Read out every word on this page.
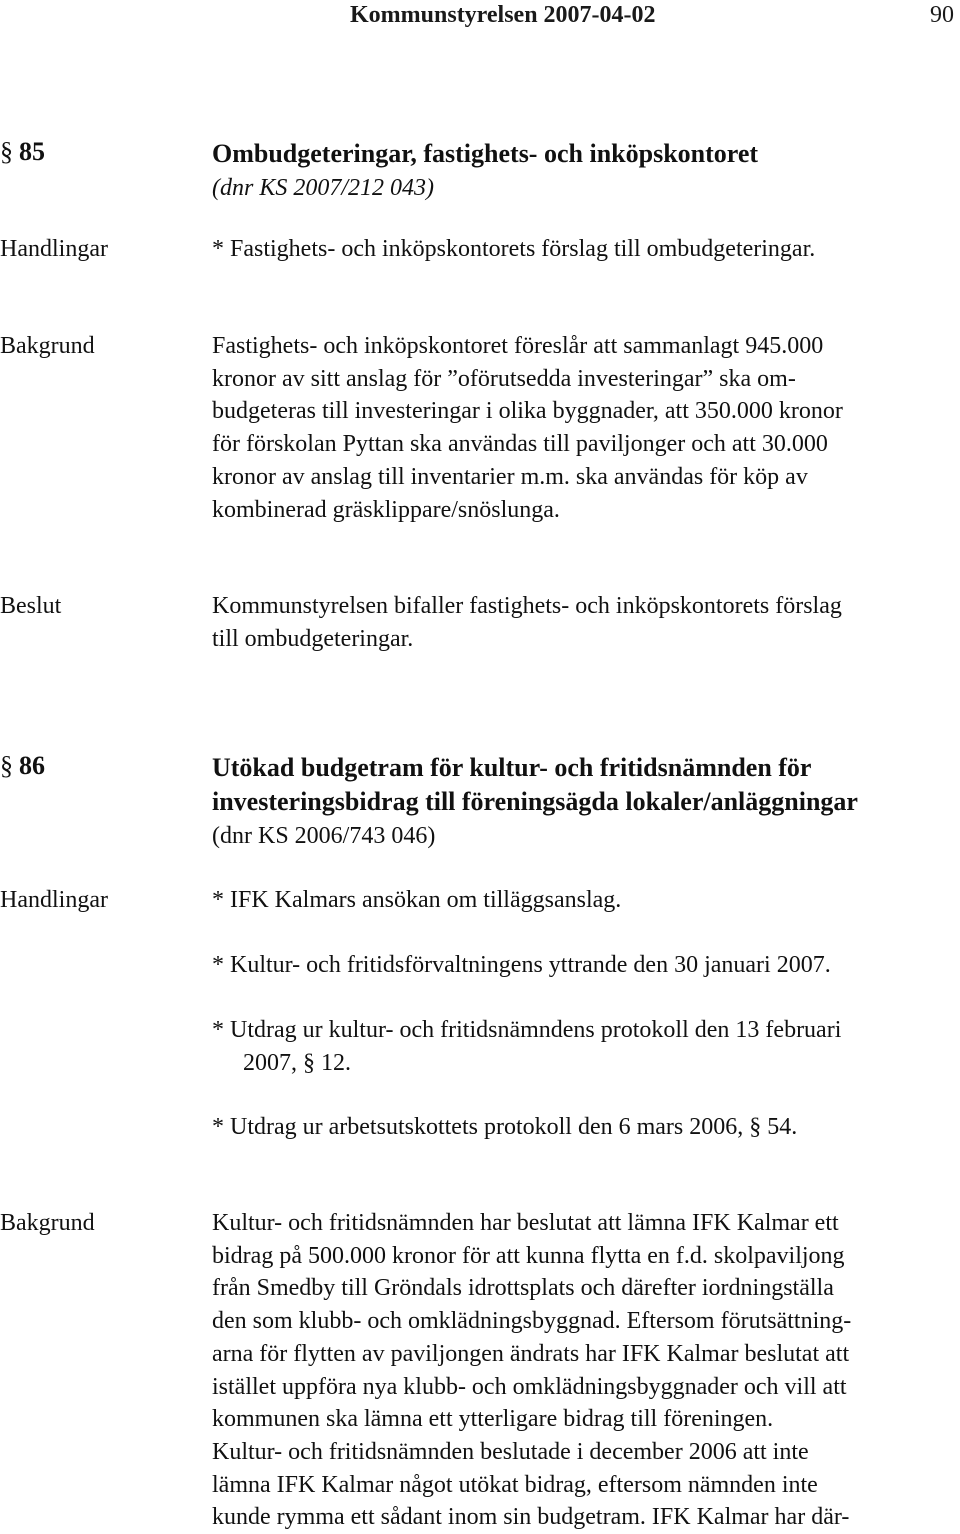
Kommunstyrelsen 2007-04-02	90
§ 85	Ombudgeteringar, fastighets- och inköpskontoret
(dnr KS 2007/212 043)
Handlingar	* Fastighets- och inköpskontorets förslag till ombudgeteringar.
Bakgrund	Fastighets- och inköpskontoret föreslår att sammanlagt 945.000
kronor av sitt anslag för ”oförutsedda investeringar” ska om-
budgeteras till investeringar i olika byggnader, att 350.000 kronor
för förskolan Pyttan ska användas till paviljonger och att 30.000
kronor av anslag till inventarier m.m. ska användas för köp av
kombinerad gräsklippare/snöslunga.
Beslut	Kommunstyrelsen bifaller fastighets- och inköpskontorets förslag
till ombudgeteringar.
§ 86	Utökad budgetram för kultur- och fritidsnämnden för
investeringsbidrag till föreningsägda lokaler/anläggningar
(dnr KS 2006/743 046)
Handlingar	* IFK Kalmars ansökan om tilläggsanslag.
* Kultur- och fritidsförvaltningens yttrande den 30 januari 2007.
* Utdrag ur kultur- och fritidsnämndens protokoll den 13 februari
2007, § 12.
* Utdrag ur arbetsutskottets protokoll den 6 mars 2006, § 54.
Bakgrund	Kultur- och fritidsnämnden har beslutat att lämna IFK Kalmar ett
bidrag på 500.000 kronor för att kunna flytta en f.d. skolpaviljong
från Smedby till Gröndals idrottsplats och därefter iordningställa
den som klubb- och omklädningsbyggnad. Eftersom förutsättning-
arna för flytten av paviljongen ändrats har IFK Kalmar beslutat att
istället uppföra nya klubb- och omklädningsbyggnader och vill att
kommunen ska lämna ett ytterligare bidrag till föreningen.
Kultur- och fritidsnämnden beslutade i december 2006 att inte
lämna IFK Kalmar något utökat bidrag, eftersom nämnden inte
kunde rymma ett sådant inom sin budgetram. IFK Kalmar har där-
